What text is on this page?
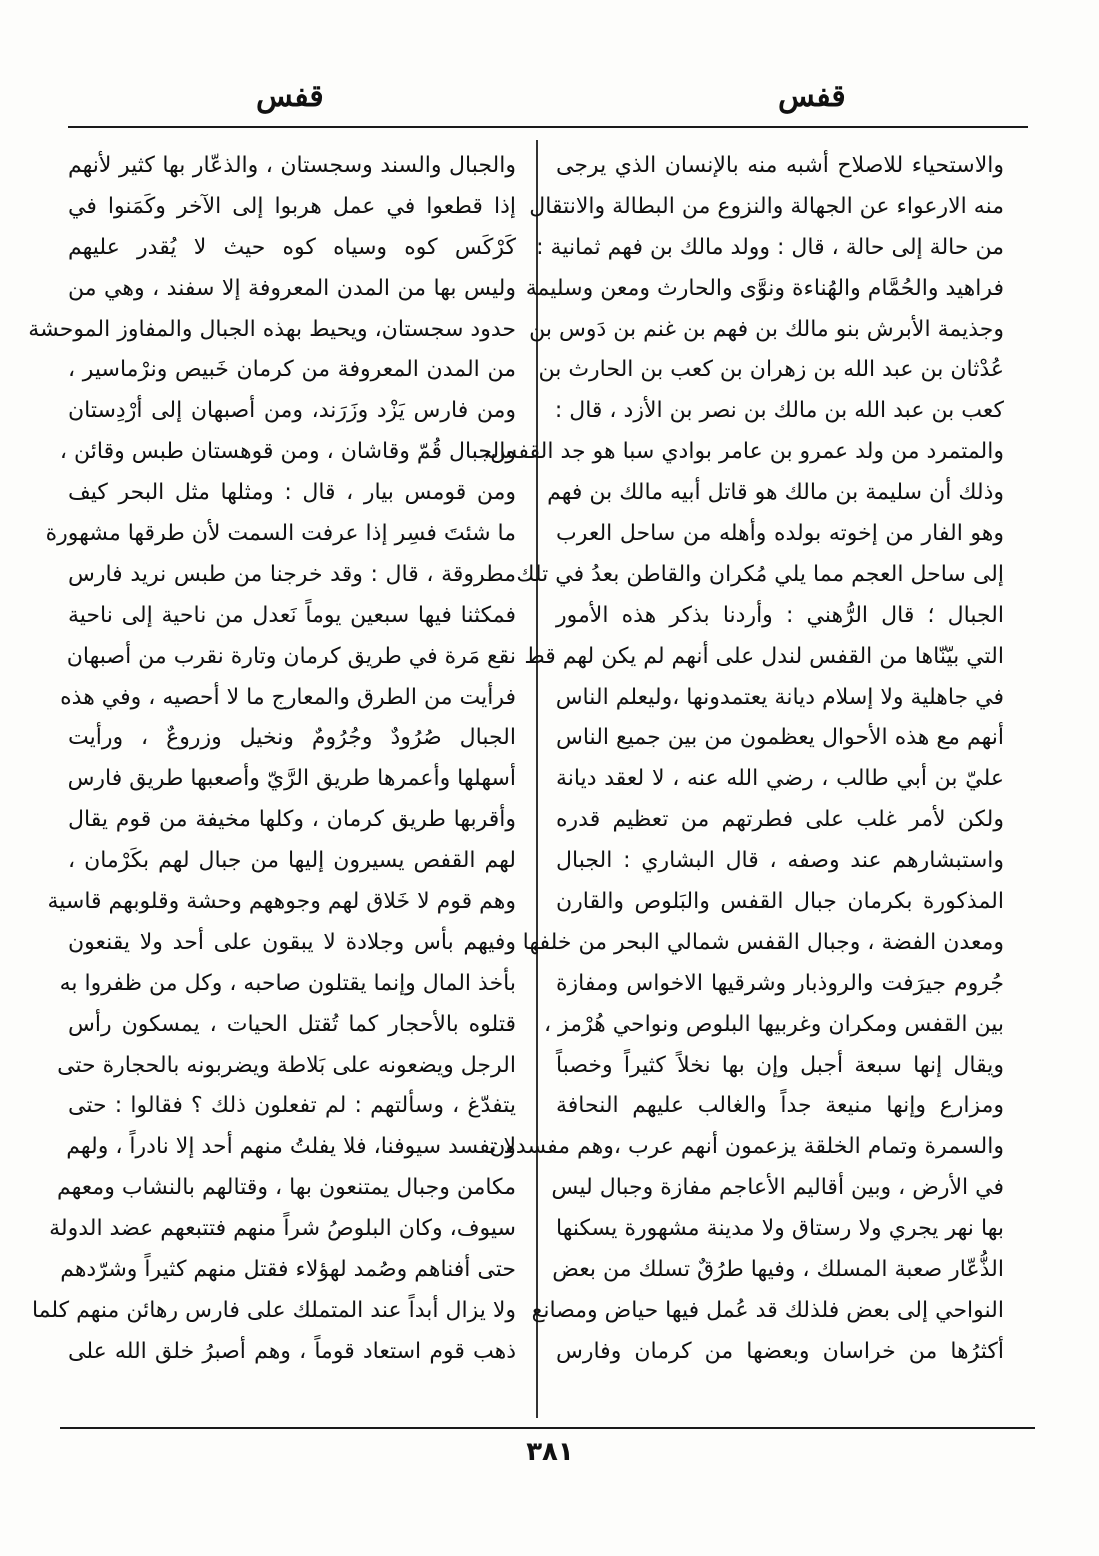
قفس
قفس
والاستحياء للاصلاح أشبه منه بالإنسان الذي يرجى
منه الارعواء عن الجهالة والنزوع من البطالة والانتقال
من حالة إلى حالة ، قال : وولد مالك بن فهم ثمانية :
فراهيد والحُمَّام والهُناءة ونوَّى والحارث ومعن وسليمة
وجذيمة الأبرش بنو مالك بن فهم بن غنم بن دَوس بن
عُدْثان بن عبد الله بن زهران بن كعب بن الحارث بن
كعب بن عبد الله بن مالك بن نصر بن الأزد ، قال :
والمتمرد من ولد عمرو بن عامر بوادي سبا هو جد القفس،
وذلك أن سليمة بن مالك هو قاتل أبيه مالك بن فهم
وهو الفار من إخوته بولده وأهله من ساحل العرب
إلى ساحل العجم مما يلي مُكران والقاطن بعدُ في تلك
الجبال ؛ قال الرُّهني : وأردنا بذكر هذه الأمور
التي بيّنّاها من القفس لندل على أنهم لم يكن لهم قط
في جاهلية ولا إسلام ديانة يعتمدونها ،وليعلم الناس
أنهم مع هذه الأحوال يعظمون من بين جميع الناس
عليّ بن أبي طالب ، رضي الله عنه ، لا لعقد ديانة
ولكن لأمر غلب على فطرتهم من تعظيم قدره
واستبشارهم عند وصفه ، قال البشاري : الجبال
المذكورة بكرمان جبال القفس والبَلوص والقارن
ومعدن الفضة ، وجبال القفس شمالي البحر من خلفها
جُروم جيرَفت والروذبار وشرقيها الاخواس ومفازة
بين القفس ومكران وغربيها البلوص ونواحي هُرْمز ،
ويقال إنها سبعة أجبل وإن بها نخلاً كثيراً وخصباً
ومزارع وإنها منيعة جداً والغالب عليهم النحافة
والسمرة وتمام الخلقة يزعمون أنهم عرب ،وهم مفسدون
في الأرض ، وبين أقاليم الأعاجم مفازة وجبال ليس
بها نهر يجري ولا رستاق ولا مدينة مشهورة يسكنها
الذُّعّار صعبة المسلك ، وفيها طرُقٌ تسلك من بعض
النواحي إلى بعض فلذلك قد عُمل فيها حياض ومصانع
أكثرُها من خراسان وبعضها من كرمان وفارس
والجبال والسند وسجستان ، والذعّار بها كثير لأنهم
إذا قطعوا في عمل هربوا إلى الآخر وكَمَنوا في
كَرْكَس كوه وسياه كوه حيث لا يُقدر عليهم
وليس بها من المدن المعروفة إلا سفند ، وهي من
حدود سجستان، ويحيط بهذه الجبال والمفاوز الموحشة
من المدن المعروفة من كرمان خَبيص ونرْماسير ،
ومن فارس يَزْد وزَرَند، ومن أصبهان إلى أرْدِستان
والجبال قُمّ وقاشان ، ومن قوهستان طبس وقائن ،
ومن قومس بيار ، قال : ومثلها مثل البحر كيف
ما شئتَ فسِر إذا عرفت السمت لأن طرقها مشهورة
مطروقة ، قال : وقد خرجنا من طبس نريد فارس
فمكثنا فيها سبعين يوماً نَعدل من ناحية إلى ناحية
نقع مَرة في طريق كرمان وتارة نقرب من أصبهان
فرأيت من الطرق والمعارج ما لا أحصيه ، وفي هذه
الجبال صُرُودٌ وجُرُومٌ ونخيل وزروعٌ ، ورأيت
أسهلها وأعمرها طريق الرَّيّ وأصعبها طريق فارس
وأقربها طريق كرمان ، وكلها مخيفة من قوم يقال
لهم القفص يسيرون إليها من جبال لهم بكَرْمان ،
وهم قوم لا خَلاق لهم وجوههم وحشة وقلوبهم قاسية
وفيهم بأس وجلادة لا يبقون على أحد ولا يقنعون
بأخذ المال وإنما يقتلون صاحبه ، وكل من ظفروا به
قتلوه بالأحجار كما تُقتل الحيات ، يمسكون رأس
الرجل ويضعونه على بَلاطة ويضربونه بالحجارة حتى
يتفدّغ ، وسألتهم : لم تفعلون ذلك ؟ فقالوا : حتى
لا تفسد سيوفنا، فلا يفلتُ منهم أحد إلا نادراً ، ولهم
مكامن وجبال يمتنعون بها ، وقتالهم بالنشاب ومعهم
سيوف، وكان البلوصُ شراً منهم فتتبعهم عضد الدولة
حتى أفناهم وصُمد لهؤلاء فقتل منهم كثيراً وشرّدهم
ولا يزال أبداً عند المتملك على فارس رهائن منهم كلما
ذهب قوم استعاد قوماً ، وهم أصبرُ خلق الله على
٣٨١
